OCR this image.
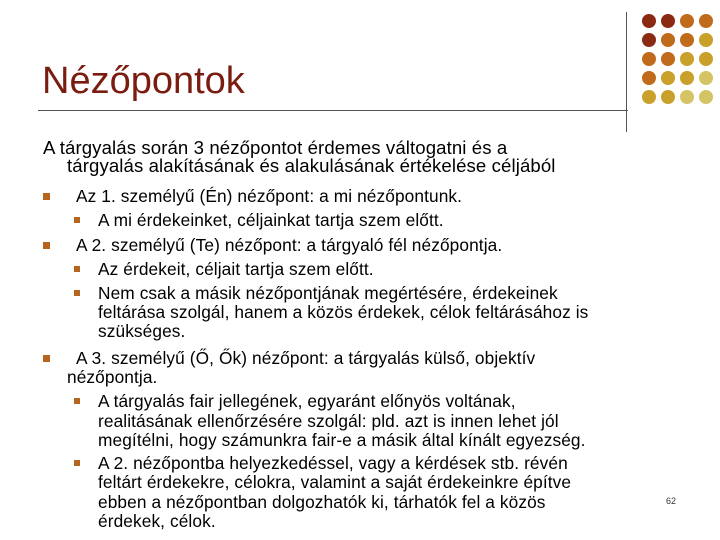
Nézőpontok
A tárgyalás során 3 nézőpontot érdemes váltogatni és a
tárgyalás alakításának és alakulásának értékelése céljából
Az 1. személyű (Én) nézőpont: a mi nézőpontunk.
A mi érdekeinket, céljainkat tartja szem előtt.
A 2. személyű (Te) nézőpont: a tárgyaló fél nézőpontja.
Az érdekeit, céljait tartja szem előtt.
Nem csak a másik nézőpontjának megértésére, érdekeinek
feltárása szolgál, hanem a közös érdekek, célok feltárásához is
szükséges.
A 3. személyű (Ő, Ők) nézőpont: a tárgyalás külső, objektív
nézőpontja.
A tárgyalás fair jellegének, egyaránt előnyös voltának,
realitásának ellenőrzésére szolgál: pld. azt is innen lehet jól
megítélni, hogy számunkra fair-e a másik által kínált egyezség.
A 2. nézőpontba helyezkedéssel, vagy a kérdések stb. révén
feltárt érdekekre, célokra, valamint a saját érdekeinkre építve
ebben a nézőpontban dolgozhatók ki, tárhatók fel a közös
érdekek, célok.
62
